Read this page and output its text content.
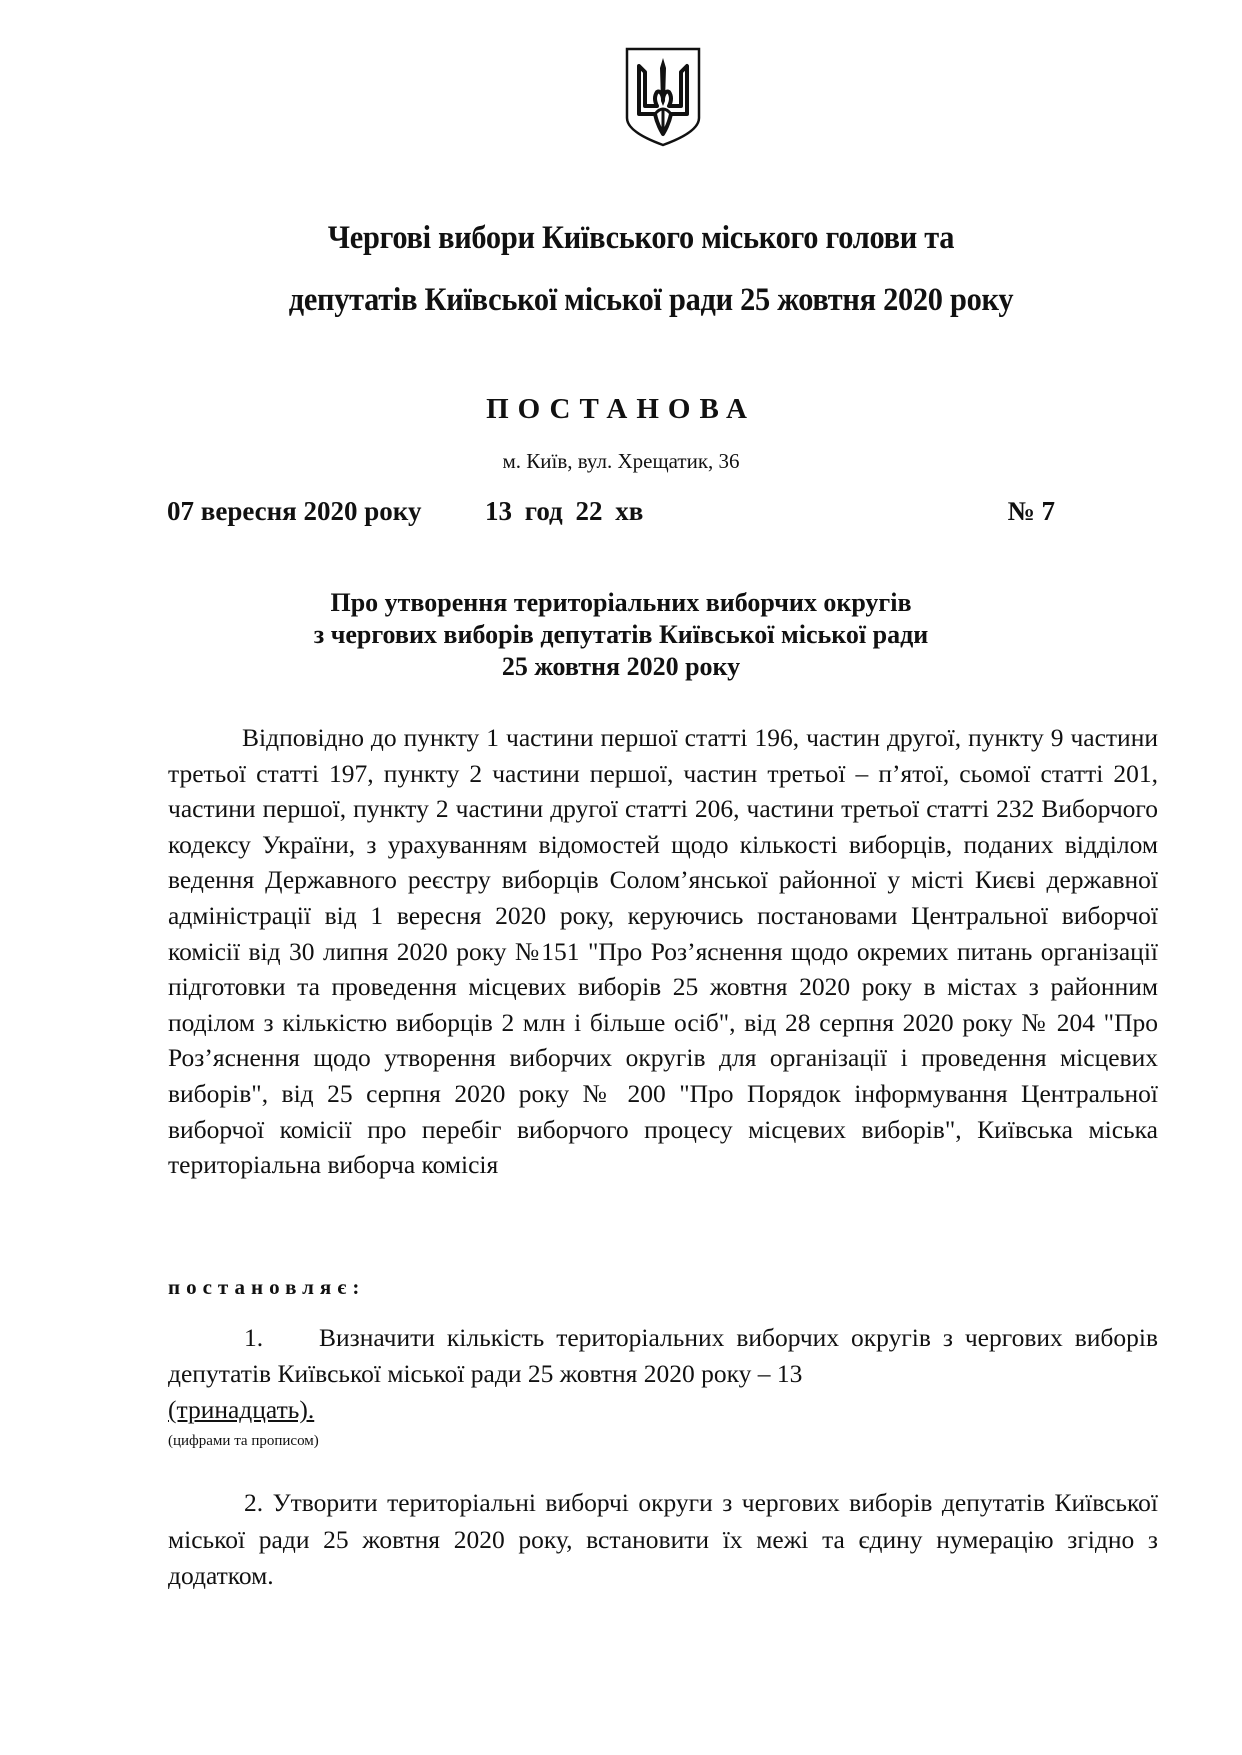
Чергові вибори Київського міського голови та
депутатів Київської міської ради 25 жовтня 2020 року
ПОСТАНОВА
м. Київ, вул. Хрещатик, 36
07 вересня 2020 року 13 год 22 хв	№ 7
Про утворення територіальних виборчих округів
з чергових виборів депутатів Київської міської ради
25 жовтня 2020 року
Відповідно до пункту 1 частини першої статті 196, частин другої, пункту 9 частини третьої статті 197, пункту 2 частини першої, частин третьої – п’ятої, сьомої статті 201, частини першої, пункту 2 частини другої статті 206, частини третьої статті 232 Виборчого кодексу України, з урахуванням відомостей щодо кількості виборців, поданих відділом ведення Державного реєстру виборців Солом’янської районної у місті Києві державної адміністрації від 1 вересня 2020 року, керуючись постановами Центральної виборчої комісії від 30 липня 2020 року №151 "Про Роз’яснення щодо окремих питань організації підготовки та проведення місцевих виборів 25 жовтня 2020 року в містах з районним поділом з кількістю виборців 2 млн і більше осіб", від 28 серпня 2020 року № 204 "Про Роз’яснення щодо утворення виборчих округів для організації і проведення місцевих виборів", від 25 серпня 2020 року № 200 "Про Порядок інформування Центральної виборчої комісії про перебіг виборчого процесу місцевих виборів", Київська міська територіальна виборча комісія
постановляє:
1. Визначити кількість територіальних виборчих округів з чергових виборів депутатів Київської міської ради 25 жовтня 2020 року – 13
(тринадцать).
(цифрами та прописом)
2. Утворити територіальні виборчі округи з чергових виборів депутатів Київської міської ради 25 жовтня 2020 року, встановити їх межі та єдину нумерацію згідно з додатком.
